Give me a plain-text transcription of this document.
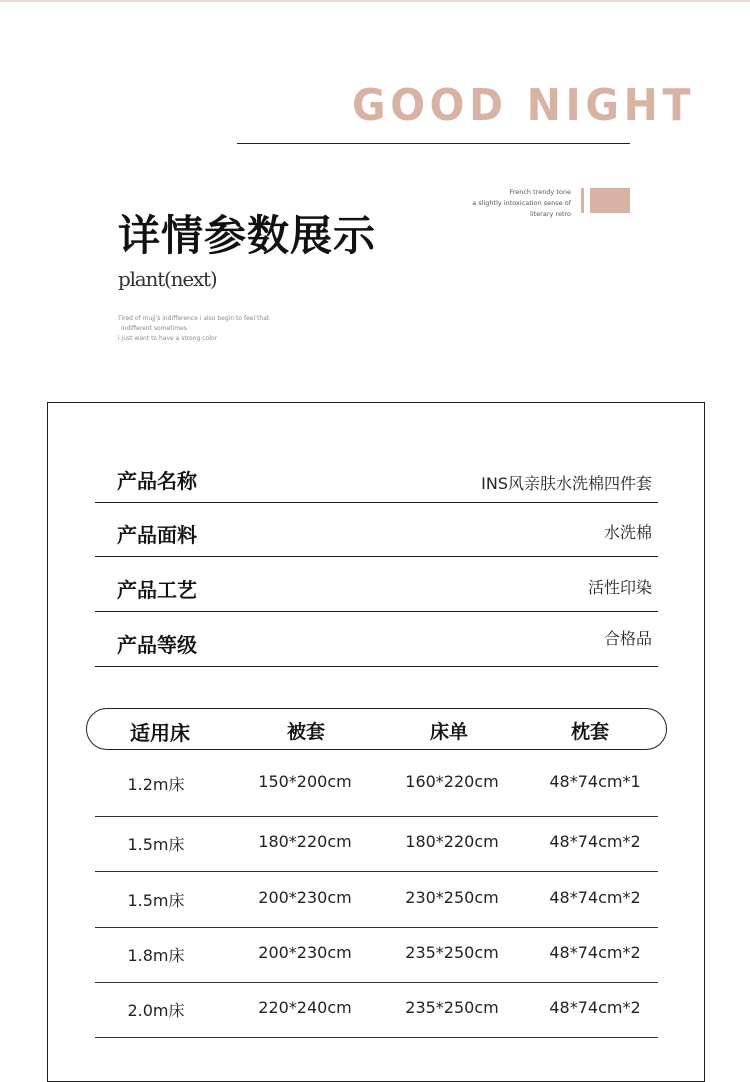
GOOD NIGHT
French trendy tone
a slightly intoxication sense of
literary retro
详情参数展示
plant(next)
Tired of mujj's indifference i also begin to feel that
indifferent sometimes
i just want to have a strong color
产品名称	INS风亲肤水洗棉四件套
产品面料	水洗棉
产品工艺	活性印染
产品等级	合格品
适用床	被套	床单	枕套
1.2m床	150*200cm	160*220cm	48*74cm*1
1.5m床	180*220cm	180*220cm	48*74cm*2
1.5m床	200*230cm	230*250cm	48*74cm*2
1.8m床	200*230cm	235*250cm	48*74cm*2
2.0m床	220*240cm	235*250cm	48*74cm*2
